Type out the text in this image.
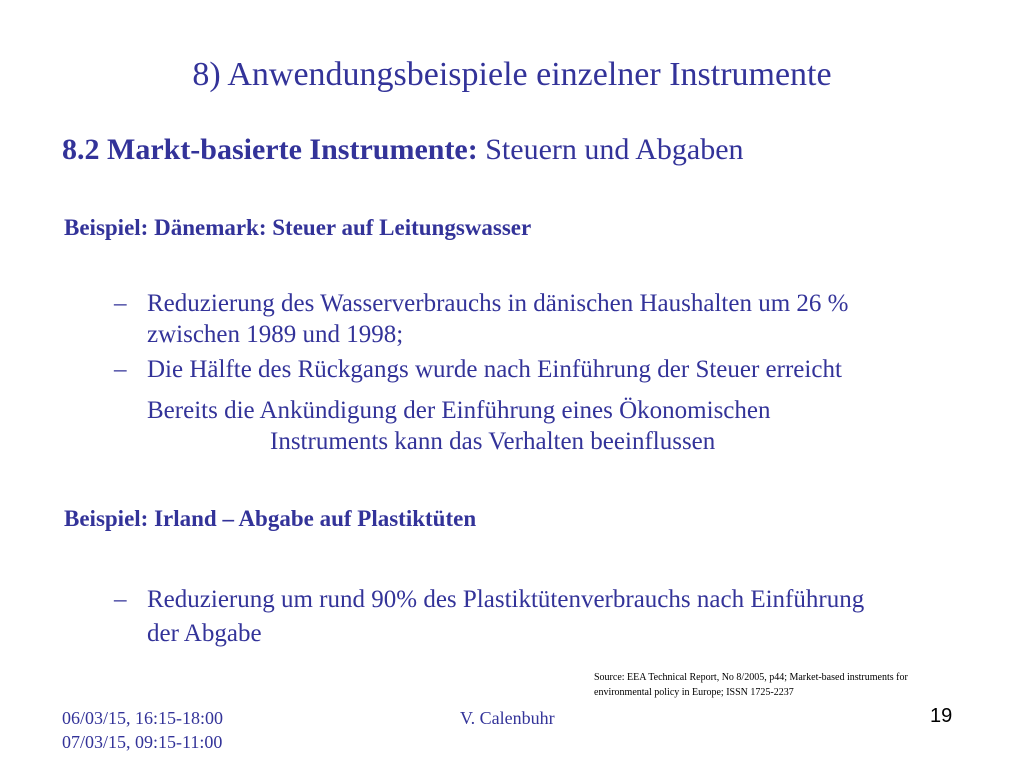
8) Anwendungsbeispiele einzelner Instrumente
8.2 Markt-basierte Instrumente: Steuern und Abgaben
Beispiel: Dänemark: Steuer auf Leitungswasser
– Reduzierung des Wasserverbrauchs in dänischen Haushalten um 26 %
zwischen 1989 und 1998;
– Die Hälfte des Rückgangs wurde nach Einführung der Steuer erreicht
Bereits die Ankündigung der Einführung eines Ökonomischen
Instruments kann das Verhalten beeinflussen
Beispiel: Irland – Abgabe auf Plastiktüten
– Reduzierung um rund 90% des Plastiktütenverbrauchs nach Einführung
der Abgabe
Source: EEA Technical Report, No 8/2005, p44; Market-based instruments for
environmental policy in Europe; ISSN 1725-2237
06/03/15, 16:15-18:00
07/03/15, 09:15-11:00
V. Calenbuhr	19
